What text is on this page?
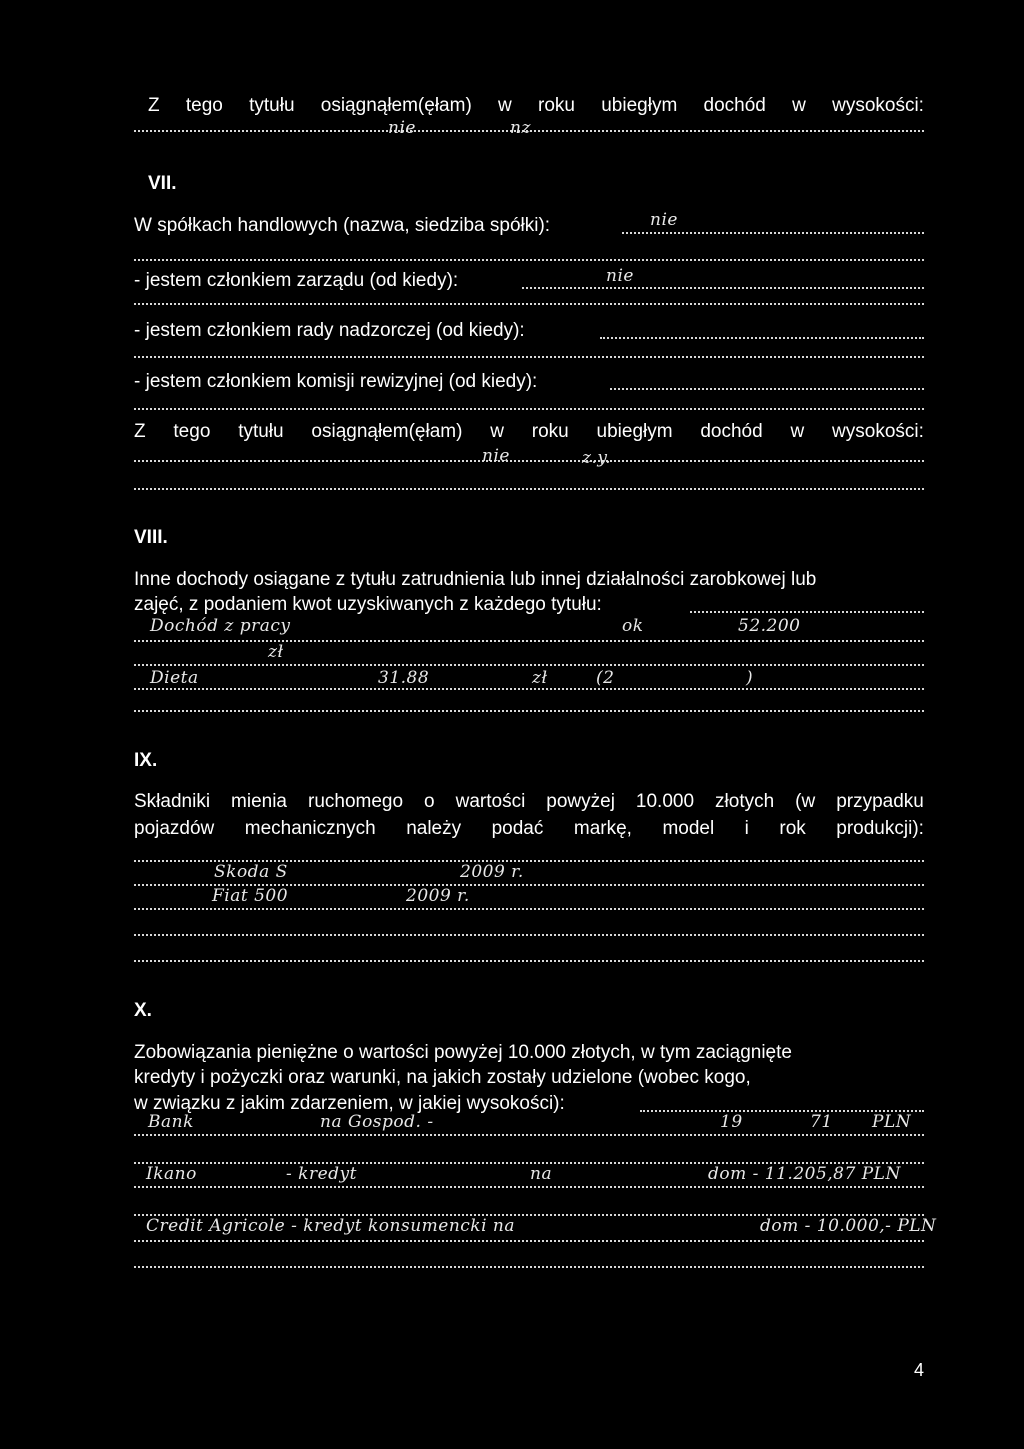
Z tego tytułu osiągnąłem(ęłam) w roku ubiegłym dochód w wysokości:
nie	nz
VII.
W spółkach handlowych (nazwa, siedziba spółki):	nie
- jestem członkiem zarządu (od kiedy):	nie
- jestem członkiem rady nadzorczej (od kiedy):
- jestem członkiem komisji rewizyjnej (od kiedy):
Z tego tytułu osiągnąłem(ęłam) w roku ubiegłym dochód w wysokości:
nie	z.y.
VIII.
Inne dochody osiągane z tytułu zatrudnienia lub innej działalności zarobkowej lub
zajęć, z podaniem kwot uzyskiwanych z każdego tytułu:
Dochód z pracy	ok	52.200
zł
Dieta	31.88	zł	(2	)
IX.
Składniki mienia ruchomego o wartości powyżej 10.000 złotych (w przypadku
pojazdów mechanicznych należy podać markę, model i rok produkcji):
Skoda S	2009 r.
Fiat 500	2009 r.
X.
Zobowiązania pieniężne o wartości powyżej 10.000 złotych, w tym zaciągnięte
kredyty i pożyczki oraz warunki, na jakich zostały udzielone (wobec kogo,
w związku z jakim zdarzeniem, w jakiej wysokości):
Bank	na Gospod. -	19	71 PLN
Ikano	- kredyt	na	dom - 11.205,87 PLN
Credit Agricole - kredyt konsumencki na	dom - 10.000,- PLN
4
